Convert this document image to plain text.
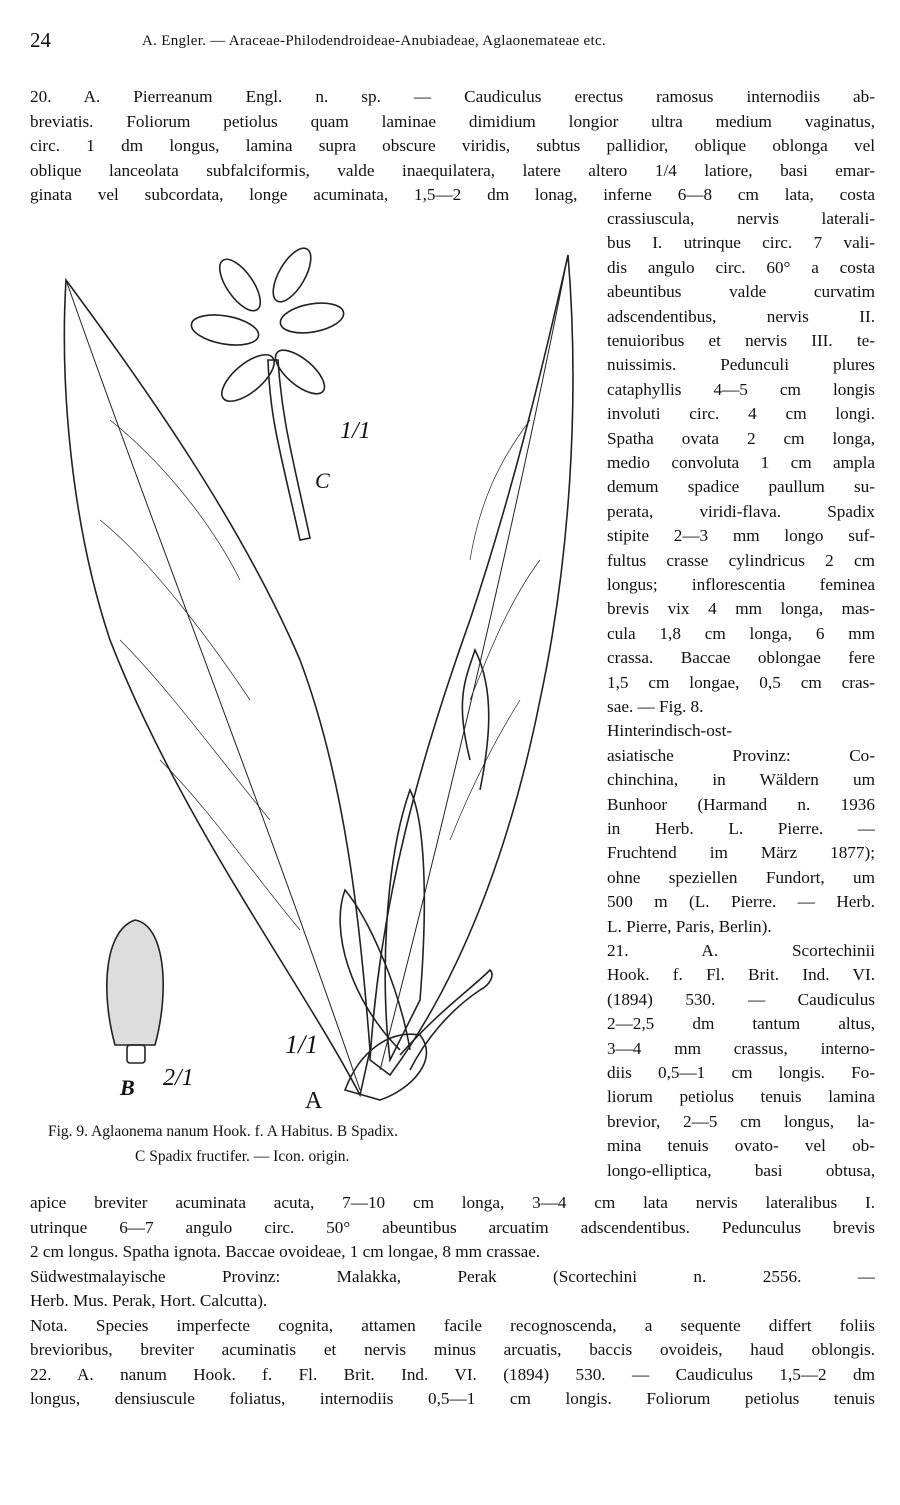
24	A. Engler. — Araceae-Philodendroideae-Anubiadeae, Aglaonemateae etc.
20. A. Pierreanum Engl. n. sp. — Caudiculus erectus ramosus internodiis ab-
breviatis. Foliorum petiolus quam laminae dimidium longior ultra medium vaginatus,
circ. 1 dm longus, lamina supra obscure viridis, subtus pallidior, oblique oblonga vel
oblique lanceolata subfalciformis, valde inaequilatera, latere altero 1/4 latiore, basi emar-
ginata vel subcordata, longe acuminata, 1,5—2 dm lonag, inferne 6—8 cm lata, costa
crassiuscula, nervis laterali-
bus I. utrinque circ. 7 vali-
dis angulo circ. 60° a costa
abeuntibus valde curvatim
adscendentibus, nervis II.
tenuioribus et nervis III. te-
nuissimis. Pedunculi plures
cataphyllis 4—5 cm longis
involuti circ. 4 cm longi.
Spatha ovata 2 cm longa,
medio convoluta 1 cm ampla
demum spadice paullum su-
perata, viridi-flava. Spadix
stipite 2—3 mm longo suf-
fultus crasse cylindricus 2 cm
longus; inflorescentia feminea
brevis vix 4 mm longa, mas-
cula 1,8 cm longa, 6 mm
crassa. Baccae oblongae fere
1,5 cm longae, 0,5 cm cras-
sae. — Fig. 8.
Hinterindisch-ost-
asiatische Provinz: Co-
chinchina, in Wäldern um
Bunhoor (Harmand n. 1936
in Herb. L. Pierre. —
Fruchtend im März 1877);
ohne speziellen Fundort, um
500 m (L. Pierre. — Herb.
L. Pierre, Paris, Berlin).
21. A. Scortechinii
Hook. f. Fl. Brit. Ind. VI.
(1894) 530. — Caudiculus
2—2,5 dm tantum altus,
3—4 mm crassus, interno-
diis 0,5—1 cm longis. Fo-
liorum petiolus tenuis lamina
brevior, 2—5 cm longus, la-
mina tenuis ovato- vel ob-
longo-elliptica, basi obtusa,
apice breviter acuminata acuta, 7—10 cm longa, 3—4 cm lata nervis lateralibus I.
utrinque 6—7 angulo circ. 50° abeuntibus arcuatim adscendentibus. Pedunculus brevis
2 cm longus. Spatha ignota. Baccae ovoideae, 1 cm longae, 8 mm crassae.
Südwestmalayische Provinz: Malakka, Perak (Scortechini n. 2556. —
Herb. Mus. Perak, Hort. Calcutta).
Nota. Species imperfecte cognita, attamen facile recognoscenda, a sequente differt foliis
brevioribus, breviter acuminatis et nervis minus arcuatis, baccis ovoideis, haud oblongis.
22. A. nanum Hook. f. Fl. Brit. Ind. VI. (1894) 530. — Caudiculus 1,5—2 dm
longus, densiuscule foliatus, internodiis 0,5—1 cm longis. Foliorum petiolus tenuis
C
1/1
1/1
A
B 2/1
Fig. 9. Aglaonema nanum Hook. f. A Habitus. B Spadix.
C Spadix fructifer. — Icon. origin.
